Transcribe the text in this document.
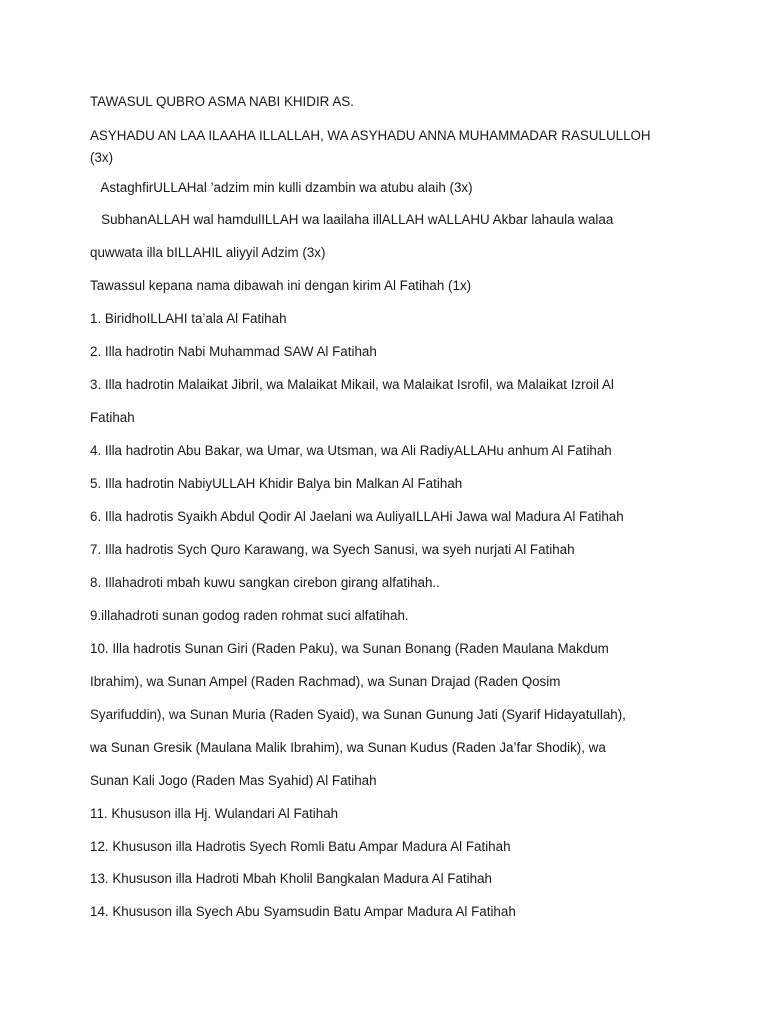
TAWASUL QUBRO ASMA NABI KHIDIR AS.
ASYHADU AN LAA ILAAHA ILLALLAH, WA ASYHADU ANNA MUHAMMADAR RASULULLOH (3x)
AstaghfirULLAHal ’adzim min kulli dzambin wa atubu alaih (3x)
SubhanALLAH wal hamdulILLAH wa laailaha illALLAH wALLAHU Akbar lahaula walaa
quwwata illa bILLAHIL aliyyil Adzim (3x)
Tawassul kepana nama dibawah ini dengan kirim Al Fatihah (1x)
1. BiridhoILLAHI ta’ala Al Fatihah
2. Illa hadrotin Nabi Muhammad SAW Al Fatihah
3. Illa hadrotin Malaikat Jibril, wa Malaikat Mikail, wa Malaikat Isrofil, wa Malaikat Izroil Al
Fatihah
4. Illa hadrotin Abu Bakar, wa Umar, wa Utsman, wa Ali RadiyALLAHu anhum Al Fatihah
5. Illa hadrotin NabiyULLAH Khidir Balya bin Malkan Al Fatihah
6. Illa hadrotis Syaikh Abdul Qodir Al Jaelani wa AuliyaILLAHi Jawa wal Madura Al Fatihah
7. Illa hadrotis Sych Quro Karawang, wa Syech Sanusi, wa syeh nurjati Al Fatihah
8. Illahadroti mbah kuwu sangkan cirebon girang alfatihah..
9.illahadroti sunan godog raden rohmat suci alfatihah.
10. Illa hadrotis Sunan Giri (Raden Paku), wa Sunan Bonang (Raden Maulana Makdum
Ibrahim), wa Sunan Ampel (Raden Rachmad), wa Sunan Drajad (Raden Qosim
Syarifuddin), wa Sunan Muria (Raden Syaid), wa Sunan Gunung Jati (Syarif Hidayatullah),
wa Sunan Gresik (Maulana Malik Ibrahim), wa Sunan Kudus (Raden Ja’far Shodik), wa
Sunan Kali Jogo (Raden Mas Syahid) Al Fatihah
11. Khususon illa Hj. Wulandari Al Fatihah
12. Khususon illa Hadrotis Syech Romli Batu Ampar Madura Al Fatihah
13. Khususon illa Hadroti Mbah Kholil Bangkalan Madura Al Fatihah
14. Khususon illa Syech Abu Syamsudin Batu Ampar Madura Al Fatihah
